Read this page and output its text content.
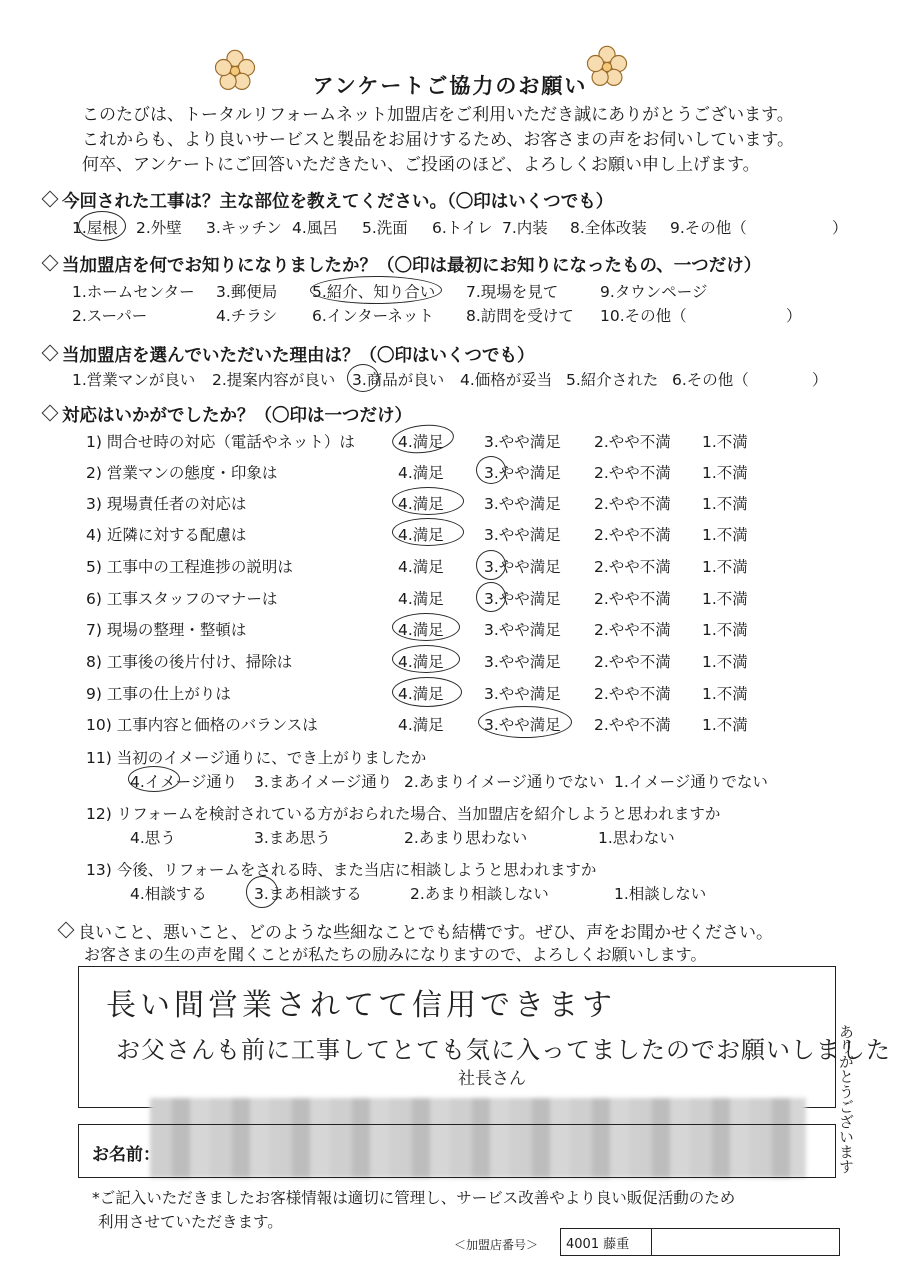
アンケートご協力のお願い
このたびは、トータルリフォームネット加盟店をご利用いただき誠にありがとうございます。
これからも、より良いサービスと製品をお届けするため、お客さまの声をお伺いしています。
何卒、アンケートにご回答いただきたい、ご投函のほど、よろしくお願い申し上げます。
今回された工事は？主な部位を教えてください。（〇印はいくつでも）
1.屋根 2.外壁 3.キッチン 4.風呂 5.洗面 6.トイレ 7.内装 8.全体改装 9.その他（	）
当加盟店を何でお知りになりましたか？（〇印は最初にお知りになったもの、一つだけ）
1.ホームセンター 3.郵便局 5.紹介、知り合い 7.現場を見て	9.タウンページ
2.スーパー	4.チラシ 6.インターネット 8.訪問を受けて 10.その他（	）
当加盟店を選んでいただいた理由は？（〇印はいくつでも）
1.営業マンが良い 2.提案内容が良い 3.商品が良い 4.価格が妥当 5.紹介された 6.その他（	）
対応はいかがでしたか？（〇印は一つだけ）
1) 問合せ時の対応（電話やネット）は	4.満足	3.やや満足 2.やや不満 1.不満
2) 営業マンの態度・印象は	4.満足	3.やや満足 2.やや不満 1.不満
3) 現場責任者の対応は	4.満足	3.やや満足 2.やや不満 1.不満
4) 近隣に対する配慮は	4.満足	3.やや満足 2.やや不満 1.不満
5) 工事中の工程進捗の説明は	4.満足	3.やや満足 2.やや不満 1.不満
6) 工事スタッフのマナーは	4.満足	3.やや満足 2.やや不満 1.不満
7) 現場の整理・整頓は	4.満足	3.やや満足 2.やや不満 1.不満
8) 工事後の後片付け、掃除は	4.満足	3.やや満足 2.やや不満 1.不満
9) 工事の仕上がりは	4.満足	3.やや満足 2.やや不満 1.不満
10) 工事内容と価格のバランスは	4.満足	3.やや満足 2.やや不満 1.不満
11) 当初のイメージ通りに、でき上がりましたか
4.イメージ通り 3.まあイメージ通り 2.あまりイメージ通りでない 1.イメージ通りでない
12) リフォームを検討されている方がおられた場合、当加盟店を紹介しようと思われますか
4.思う	3.まあ思う	2.あまり思わない	1.思わない
13) 今後、リフォームをされる時、また当店に相談しようと思われますか
4.相談する	3.まあ相談する	2.あまり相談しない	1.相談しない
良いこと、悪いこと、どのような些細なことでも結構です。ぜひ、声をお聞かせください。
お客さまの生の声を聞くことが私たちの励みになりますので、よろしくお願いします。
長い間営業されてて信用できます
お父さんも前に工事してとても気に入ってましたのでお願いしました
社長さん	ありがとうございます
お名前：
*ご記入いただきましたお客様情報は適切に管理し、サービス改善やより良い販促活動のため
利用させていただきます。
＜加盟店番号＞ 4001 藤重
